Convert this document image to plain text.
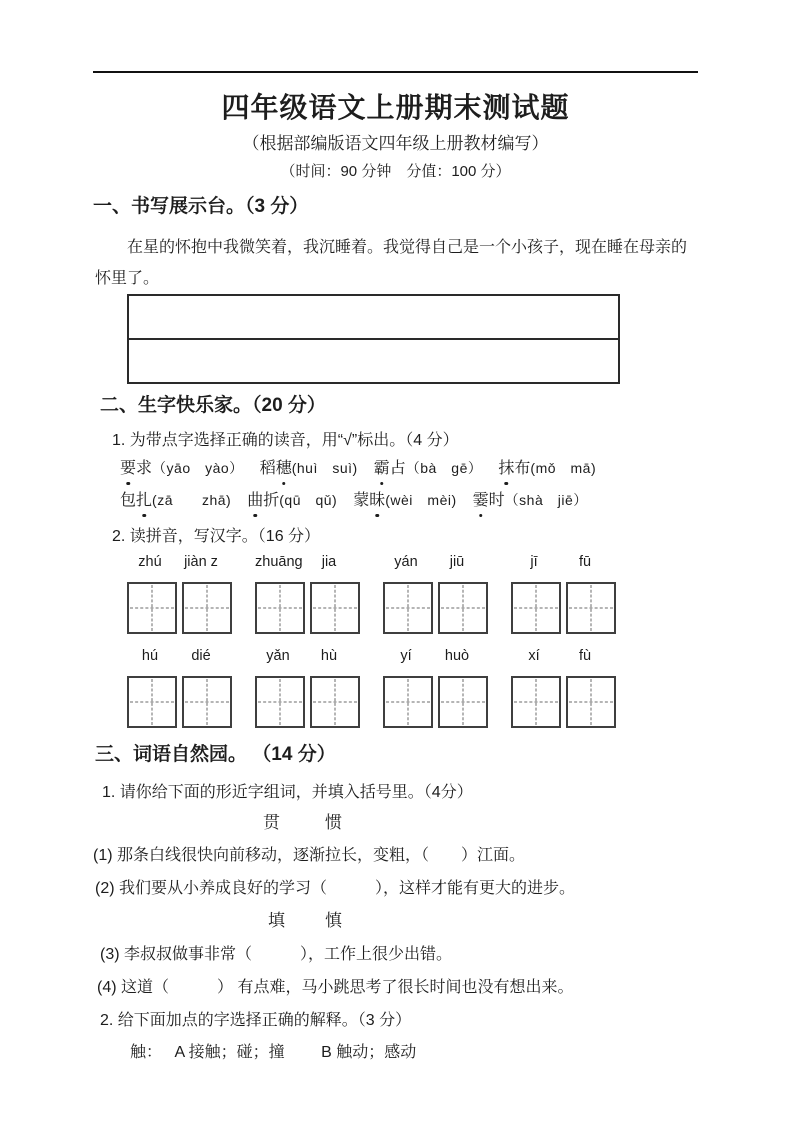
四年级语文上册期末测试题
（根据部编版语文四年级上册教材编写）
（时间：90 分钟　分值：100 分）
一、书写展示台。（3 分）
在星的怀抱中我微笑着，我沉睡着。我觉得自己是一个小孩子，现在睡在母亲的怀里了。
二、生字快乐家。（20 分）
1. 为带点字选择正确的读音，用“√”标出。（4 分）
要求（yāo　yào） 稻穗(huì　suì) 霸占（bà　gē） 抹布(mǒ　mā)
包扎(zā　　zhā) 曲折(qū　qǔ) 蒙昧(wèi　mèi) 霎时（shà　jiē）
2. 读拼音，写汉字。（16 分）
zhú	jiàn z	zhuāng	jia	yán	jiū	jī	fū
hú	dié	yǎn	hù	yí	huò	xí	fù
三、词语自然园。 （14 分）
1. 请你给下面的形近字组词，并填入括号里。（4分）
贯	惯
(1) 那条白线很快向前移动，逐渐拉长，变粗，（　　）江面。
(2) 我们要从小养成良好的学习（　　　），这样才能有更大的进步。
填 慎
(3) 李叔叔做事非常（　　　），工作上很少出错。
(4) 这道（　　　） 有点难，马小跳思考了很长时间也没有想出来。
2. 给下面加点的字选择正确的解释。（3 分）
触：　 A 接触；碰；撞　　 B 触动；感动
